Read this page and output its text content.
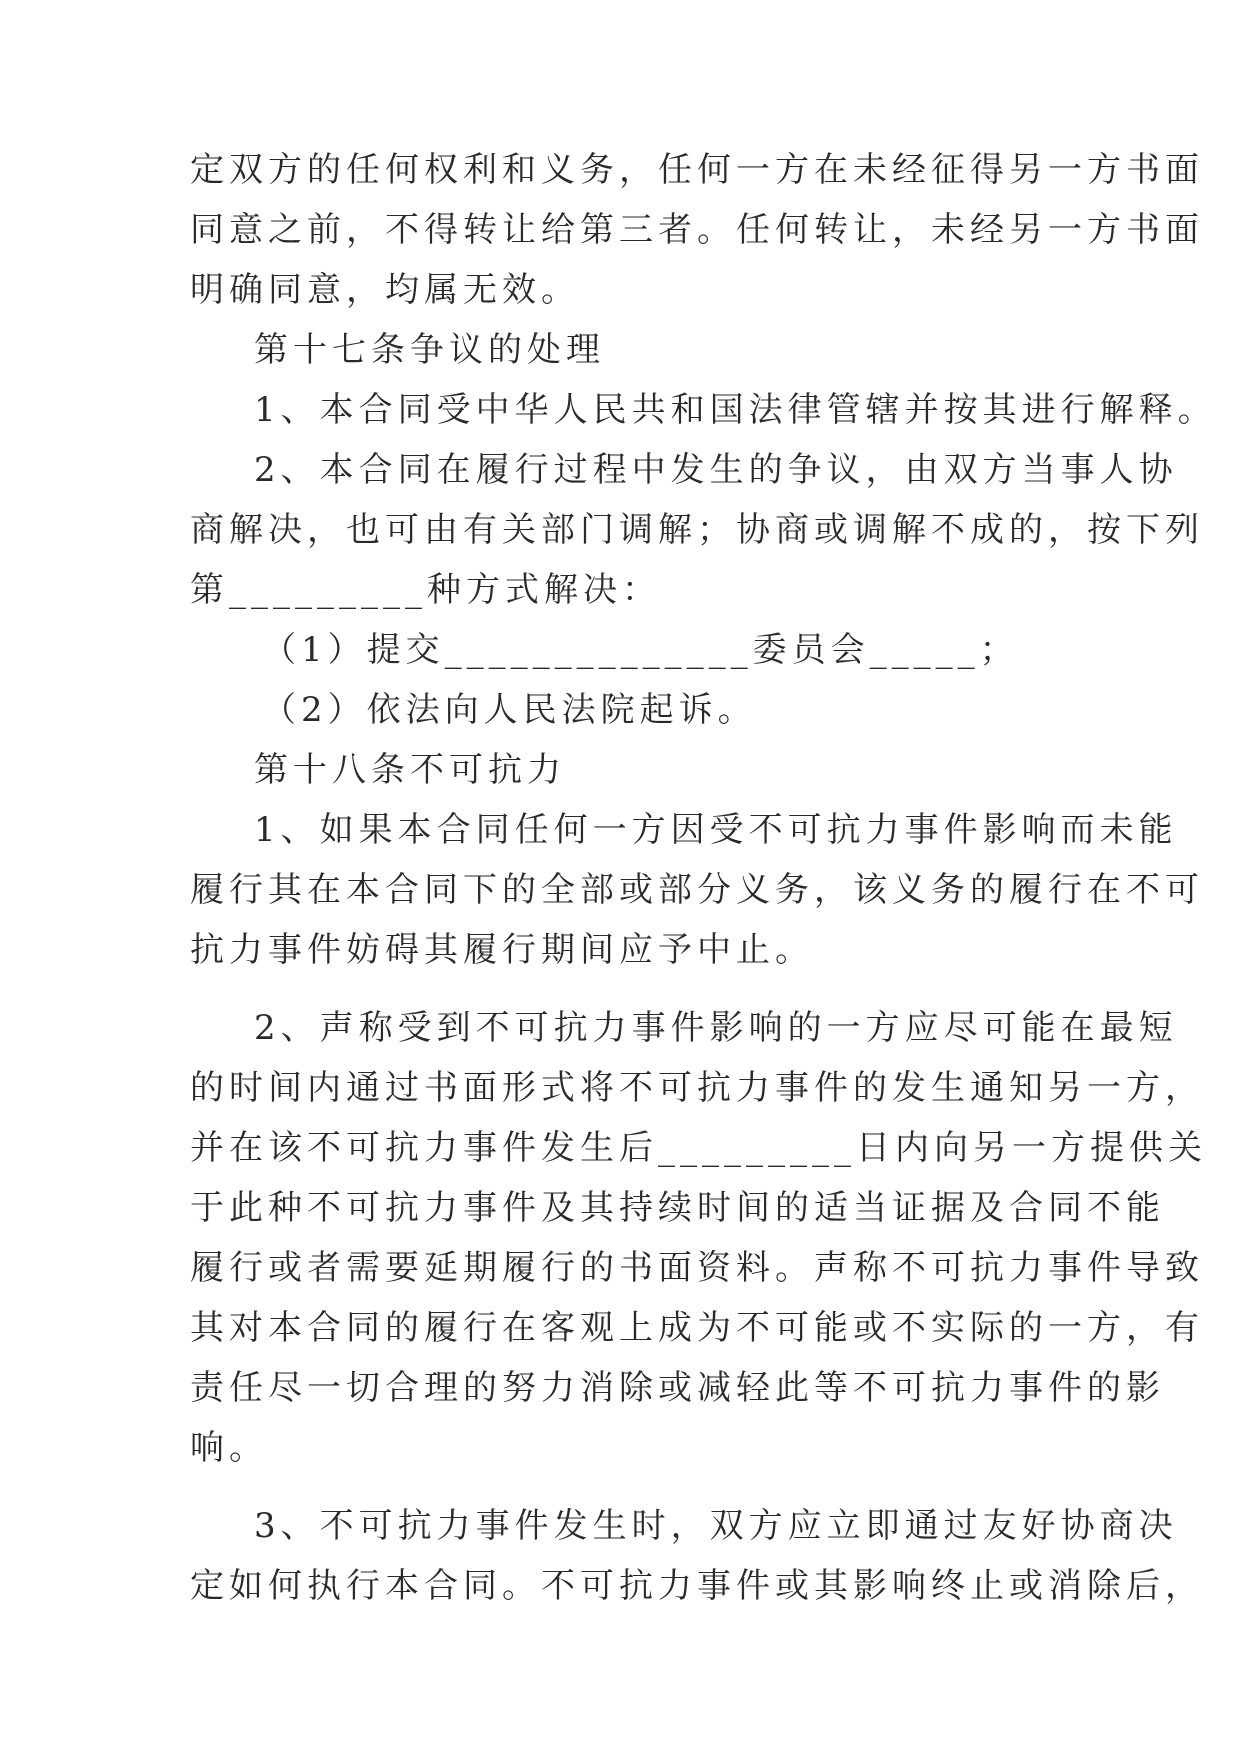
定双方的任何权利和义务，任何一方在未经征得另一方书面
同意之前，不得转让给第三者。任何转让，未经另一方书面
明确同意，均属无效。
第十七条争议的处理
1、本合同受中华人民共和国法律管辖并按其进行解释。
2、本合同在履行过程中发生的争议，由双方当事人协
商解决，也可由有关部门调解；协商或调解不成的，按下列
第_________种方式解决：
（1）提交______________委员会_____；
（2）依法向人民法院起诉。
第十八条不可抗力
1、如果本合同任何一方因受不可抗力事件影响而未能
履行其在本合同下的全部或部分义务，该义务的履行在不可
抗力事件妨碍其履行期间应予中止。
2、声称受到不可抗力事件影响的一方应尽可能在最短
的时间内通过书面形式将不可抗力事件的发生通知另一方，
并在该不可抗力事件发生后_________日内向另一方提供关
于此种不可抗力事件及其持续时间的适当证据及合同不能
履行或者需要延期履行的书面资料。声称不可抗力事件导致
其对本合同的履行在客观上成为不可能或不实际的一方，有
责任尽一切合理的努力消除或减轻此等不可抗力事件的影
响。
3、不可抗力事件发生时，双方应立即通过友好协商决
定如何执行本合同。不可抗力事件或其影响终止或消除后，
